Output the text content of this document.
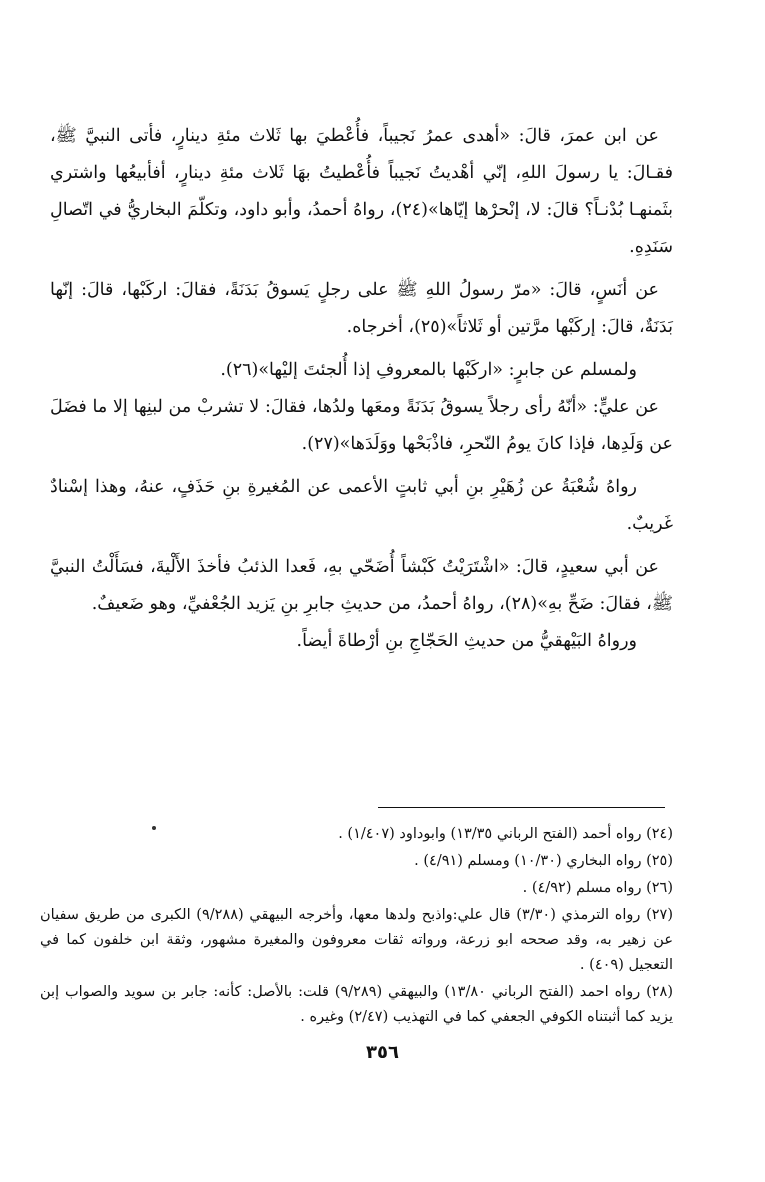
عن ابن عمرَ، قالَ: «أهدى عمرُ نَجيباً، فأُعْطيَ بها ثَلاث مئةِ دينارٍ، فأتى النبيَّ ﷺ، فقـالَ: يا رسولَ اللهِ، إنّي أهْديتُ نَجيباً فأُعْطيتُ بهَا ثَلاث مئةِ دينارٍ، أفأبيعُها واشتري بثَمنهـا بُدْنـاً؟ قالَ: لا، إنْحرْها إيّاها»(٢٤)، رواهُ أحمدُ، وأبو داود، وتكلّمَ البخاريُّ في اتّصالِ سَنَدِهِ.

عن أنَسٍ، قالَ: «مرّ رسولُ اللهِ ﷺ على رجلٍ يَسوقُ بَدَنَةً، فقالَ: اركَبْها، قالَ: إنّها بَدَنَةٌ، قالَ: إركَبْها مرَّتين أو ثَلاثاً»(٢٥)، أخرجاه.

ولمسلم عن جابرٍ: «اركَبْها بالمعروفِ إذا أُلجئتَ إليْها»(٢٦).

عن عليٍّ: «أنّهُ رأى رجلاً يسوقُ بَدَنَةً ومعَها ولدُها، فقالَ: لا تشربْ من لبنِها إلا ما فضَلَ عن وَلَدِها، فإذا كانَ يومُ النّحرِ، فاذْبَحْها ووَلَدَها»(٢٧).

رواهُ شُعْبَةُ عن زُهَيْرِ بنِ أبي ثابتٍ الأعمى عن المُغيرةِ بنِ حَذَفٍ، عنهُ، وهذا إسْنادٌ غَريبٌ.

عن أبي سعيدٍ، قالَ: «اشْتَرَيْتُ كَبْشاً أُضَحّي بهِ، فَعدا الذئبُ فأخذَ الأَلْيةَ، فسَأَلْتُ النبيَّ ﷺ، فقالَ: ضَحِّ بهِ»(٢٨)، رواهُ أحمدُ، من حديثِ جابرِ بنِ يَزيد الجُعْفيِّ، وهو ضَعيفٌ.

ورواهُ البَيْهقيُّ من حديثِ الحَجّاجِ بنِ أرْطاةَ أيضاً.

(٢٤) رواه أحمد (الفتح الرباني ١٣/٣٥) وابوداود (١/٤٠٧) .

(٢٥) رواه البخاري (١٠/٣٠) ومسلم (٤/٩١) .

(٢٦) رواه مسلم (٤/٩٢) .

(٢٧) رواه الترمذي (٣/٣٠) قال علي:واذبح ولدها معها، وأخرجه البيهقي (٩/٢٨٨) الكبرى من طريق سفيان عن زهير به، وقد صححه ابو زرعة، ورواته ثقات معروفون والمغيرة مشهور، وثقة ابن خلفون كما في التعجيل (٤٠٩) .

(٢٨) رواه احمد (الفتح الرباني ١٣/٨٠) والبيهقي (٩/٢٨٩) قلت: بالأصل: كأنه: جابر بن سويد والصواب إبن يزيد كما أثبتناه الكوفي الجعفي كما في التهذيب (٢/٤٧) وغيره .

٣٥٦
